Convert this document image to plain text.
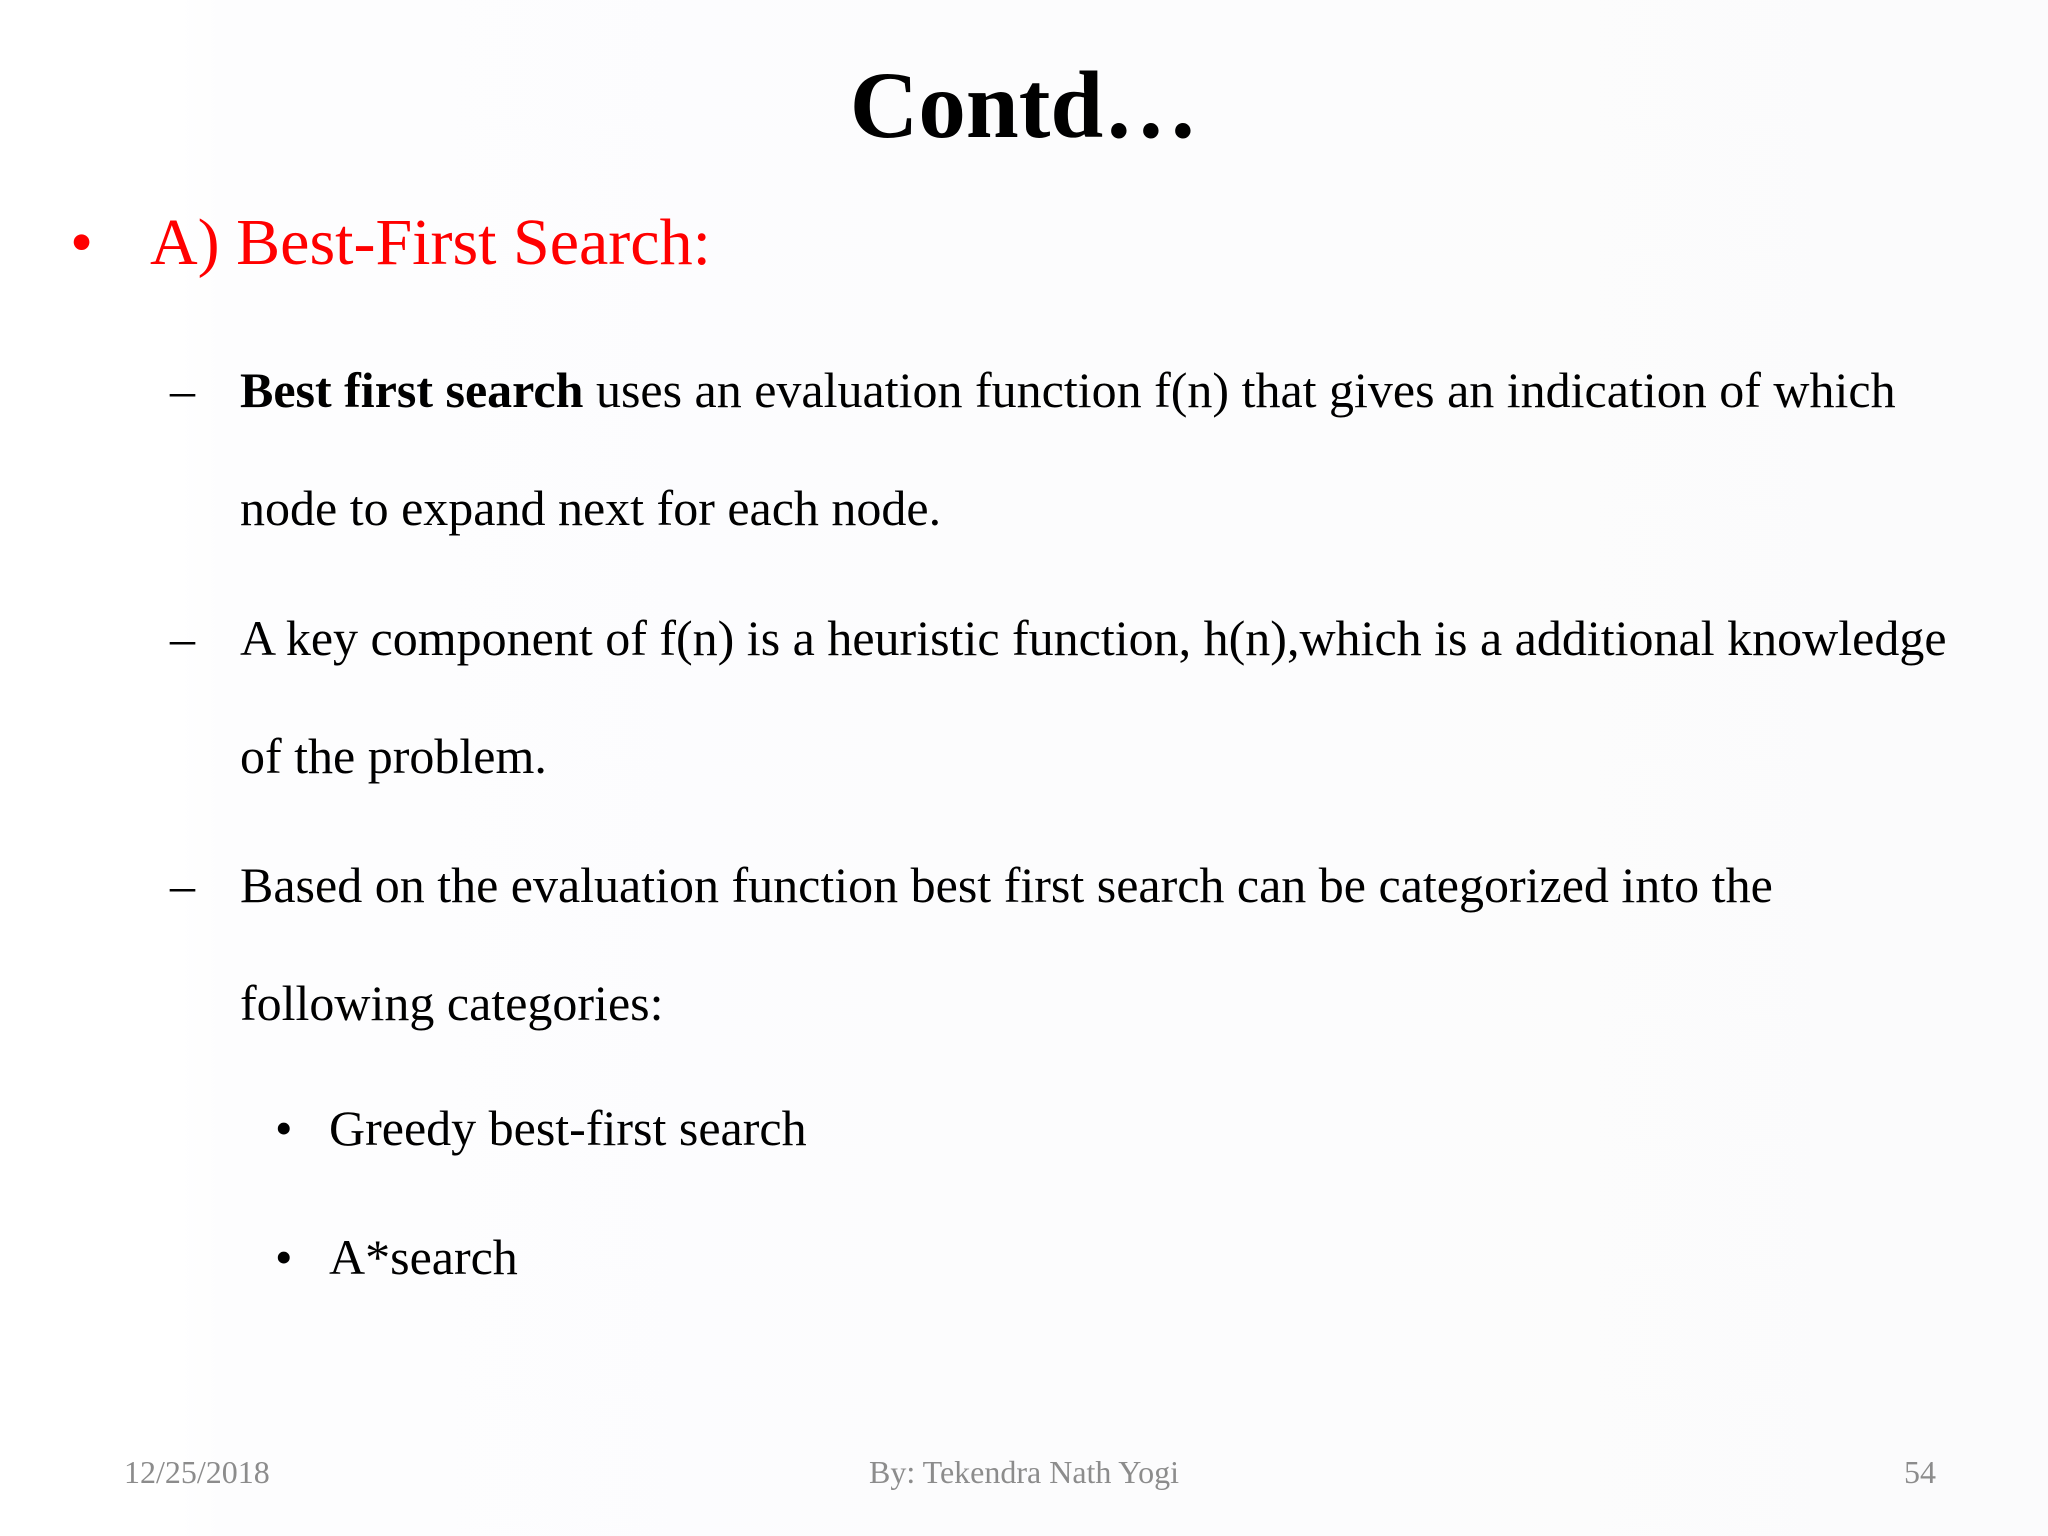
Contd…
• A) Best-First Search:
– Best first search uses an evaluation function f(n) that gives an indication of which node to expand next for each node.
– A key component of f(n) is a heuristic function, h(n),which is a additional knowledge of the problem.
– Based on the evaluation function best first search can be categorized into the following categories:
• Greedy best-first search
• A*search
By: Tekendra Nath Yogi
12/25/2018	54
